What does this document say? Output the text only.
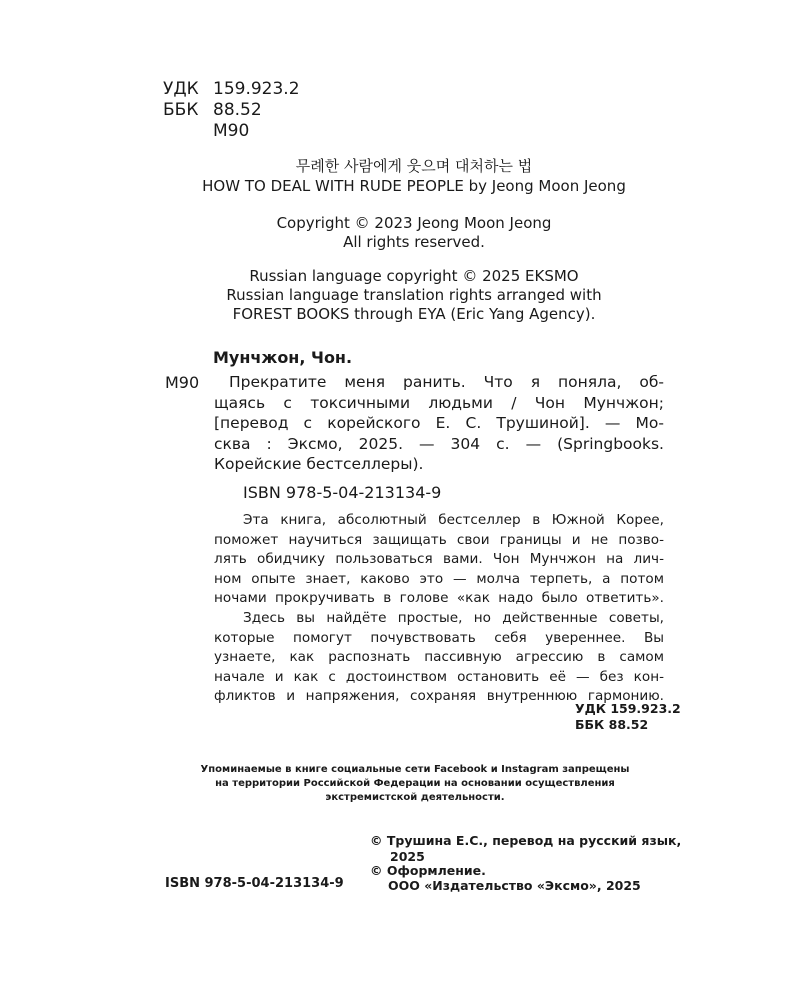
УДК 159.923.2
ББК 88.52
М90
무례한 사람에게 웃으며 대처하는 법
HOW TO DEAL WITH RUDE PEOPLE by Jeong Moon Jeong
Copyright © 2023 Jeong Moon Jeong
All rights reserved.
Russian language copyright © 2025 EKSMO
Russian language translation rights arranged with
FOREST BOOKS through EYA (Eric Yang Agency).
Мунчжон, Чон.
М90	Прекратите меня ранить. Что я поняла, об-
щаясь с токсичными людьми / Чон Мунчжон;
[перевод с корейского Е. С. Трушиной]. — Мо-
сква : Эксмо, 2025. — 304 с. — (Springbooks.
Корейские бестселлеры).
ISBN 978-5-04-213134-9
Эта книга, абсолютный бестселлер в Южной Корее,
поможет научиться защищать свои границы и не позво-
лять обидчику пользоваться вами. Чон Мунчжон на лич-
ном опыте знает, каково это — молча терпеть, а потом
ночами прокручивать в голове «как надо было ответить».
Здесь вы найдёте простые, но действенные советы,
которые помогут почувствовать себя увереннее. Вы
узнаете, как распознать пассивную агрессию в самом
начале и как с достоинством остановить её — без кон-
фликтов и напряжения, сохраняя внутреннюю гармонию.
УДК 159.923.2
ББК 88.52
Упоминаемые в книге социальные сети Facebook и Instagram запрещены
на территории Российской Федерации на основании осуществления
экстремистской деятельности.
© Трушина Е.С., перевод на русский язык,
2025
© Оформление.
ООО «Издательство «Эксмо», 2025
ISBN 978-5-04-213134-9
